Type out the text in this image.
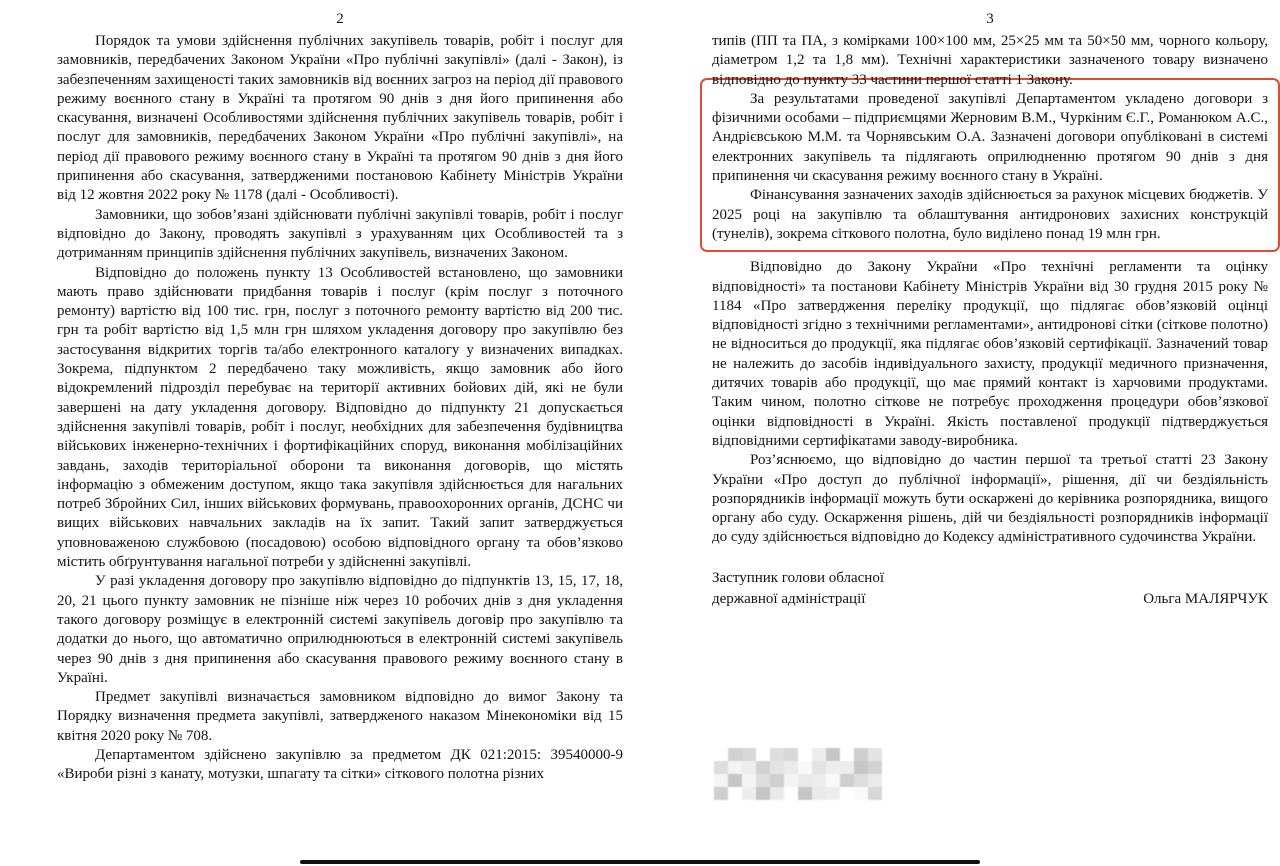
2

Порядок та умови здійснення публічних закупівель товарів, робіт і послуг для замовників, передбачених Законом України «Про публічні закупівлі» (далі - Закон), із забезпеченням захищеності таких замовників від воєнних загроз на період дії правового режиму воєнного стану в Україні та протягом 90 днів з дня його припинення або скасування, визначені Особливостями здійснення публічних закупівель товарів, робіт і послуг для замовників, передбачених Законом України «Про публічні закупівлі», на період дії правового режиму воєнного стану в Україні та протягом 90 днів з дня його припинення або скасування, затвердженими постановою Кабінету Міністрів України від 12 жовтня 2022 року № 1178 (далі - Особливості).

Замовники, що зобов’язані здійснювати публічні закупівлі товарів, робіт і послуг відповідно до Закону, проводять закупівлі з урахуванням цих Особливостей та з дотриманням принципів здійснення публічних закупівель, визначених Законом.

Відповідно до положень пункту 13 Особливостей встановлено, що замовники мають право здійснювати придбання товарів і послуг (крім послуг з поточного ремонту) вартістю від 100 тис. грн, послуг з поточного ремонту вартістю від 200 тис. грн та робіт вартістю від 1,5 млн грн шляхом укладення договору про закупівлю без застосування відкритих торгів та/або електронного каталогу у визначених випадках. Зокрема, підпунктом 2 передбачено таку можливість, якщо замовник або його відокремлений підрозділ перебуває на території активних бойових дій, які не були завершені на дату укладення договору. Відповідно до підпункту 21 допускається здійснення закупівлі товарів, робіт і послуг, необхідних для забезпечення будівництва військових інженерно-технічних і фортифікаційних споруд, виконання мобілізаційних завдань, заходів територіальної оборони та виконання договорів, що містять інформацію з обмеженим доступом, якщо така закупівля здійснюється для нагальних потреб Збройних Сил, інших військових формувань, правоохоронних органів, ДСНС чи вищих військових навчальних закладів на їх запит. Такий запит затверджується уповноваженою службовою (посадовою) особою відповідного органу та обов’язково містить обґрунтування нагальної потреби у здійсненні закупівлі.

У разі укладення договору про закупівлю відповідно до підпунктів 13, 15, 17, 18, 20, 21 цього пункту замовник не пізніше ніж через 10 робочих днів з дня укладення такого договору розміщує в електронній системі закупівель договір про закупівлю та додатки до нього, що автоматично оприлюднюються в електронній системі закупівель через 90 днів з дня припинення або скасування правового режиму воєнного стану в Україні.

Предмет закупівлі визначається замовником відповідно до вимог Закону та Порядку визначення предмета закупівлі, затвердженого наказом Мінекономіки від 15 квітня 2020 року № 708.

Департаментом здійснено закупівлю за предметом ДК 021:2015: 39540000-9 «Вироби різні з канату, мотузки, шпагату та сітки» сіткового полотна різних

3

типів (ПП та ПА, з комірками 100×100 мм, 25×25 мм та 50×50 мм, чорного кольору, діаметром 1,2 та 1,8 мм). Технічні характеристики зазначеного товару визначено відповідно до пункту 33 частини першої статті 1 Закону.

За результатами проведеної закупівлі Департаментом укладено договори з фізичними особами – підприємцями Жерновим В.М., Чуркіним Є.Г., Романюком А.С., Андрієвською М.М. та Чорнявським О.А. Зазначені договори опубліковані в системі електронних закупівель та підлягають оприлюдненню протягом 90 днів з дня припинення чи скасування режиму воєнного стану в Україні.

Фінансування зазначених заходів здійснюється за рахунок місцевих бюджетів. У 2025 році на закупівлю та облаштування антидронових захисних конструкцій (тунелів), зокрема сіткового полотна, було виділено понад 19 млн грн.

Відповідно до Закону України «Про технічні регламенти та оцінку відповідності» та постанови Кабінету Міністрів України від 30 грудня 2015 року № 1184 «Про затвердження переліку продукції, що підлягає обов’язковій оцінці відповідності згідно з технічними регламентами», антидронові сітки (сіткове полотно) не відноситься до продукції, яка підлягає обов’язковій сертифікації. Зазначений товар не належить до засобів індивідуального захисту, продукції медичного призначення, дитячих товарів або продукції, що має прямий контакт із харчовими продуктами. Таким чином, полотно сіткове не потребує проходження процедури обов’язкової оцінки відповідності в Україні. Якість поставленої продукції підтверджується відповідними сертифікатами заводу-виробника.

Роз’яснюємо, що відповідно до частин першої та третьої статті 23 Закону України «Про доступ до публічної інформації», рішення, дії чи бездіяльність розпорядників інформації можуть бути оскаржені до керівника розпорядника, вищого органу або суду. Оскарження рішень, дій чи бездіяльності розпорядників інформації до суду здійснюється відповідно до Кодексу адміністративного судочинства України.

Заступник голови обласної
державної адміністрації	Ольга МАЛЯРЧУК
